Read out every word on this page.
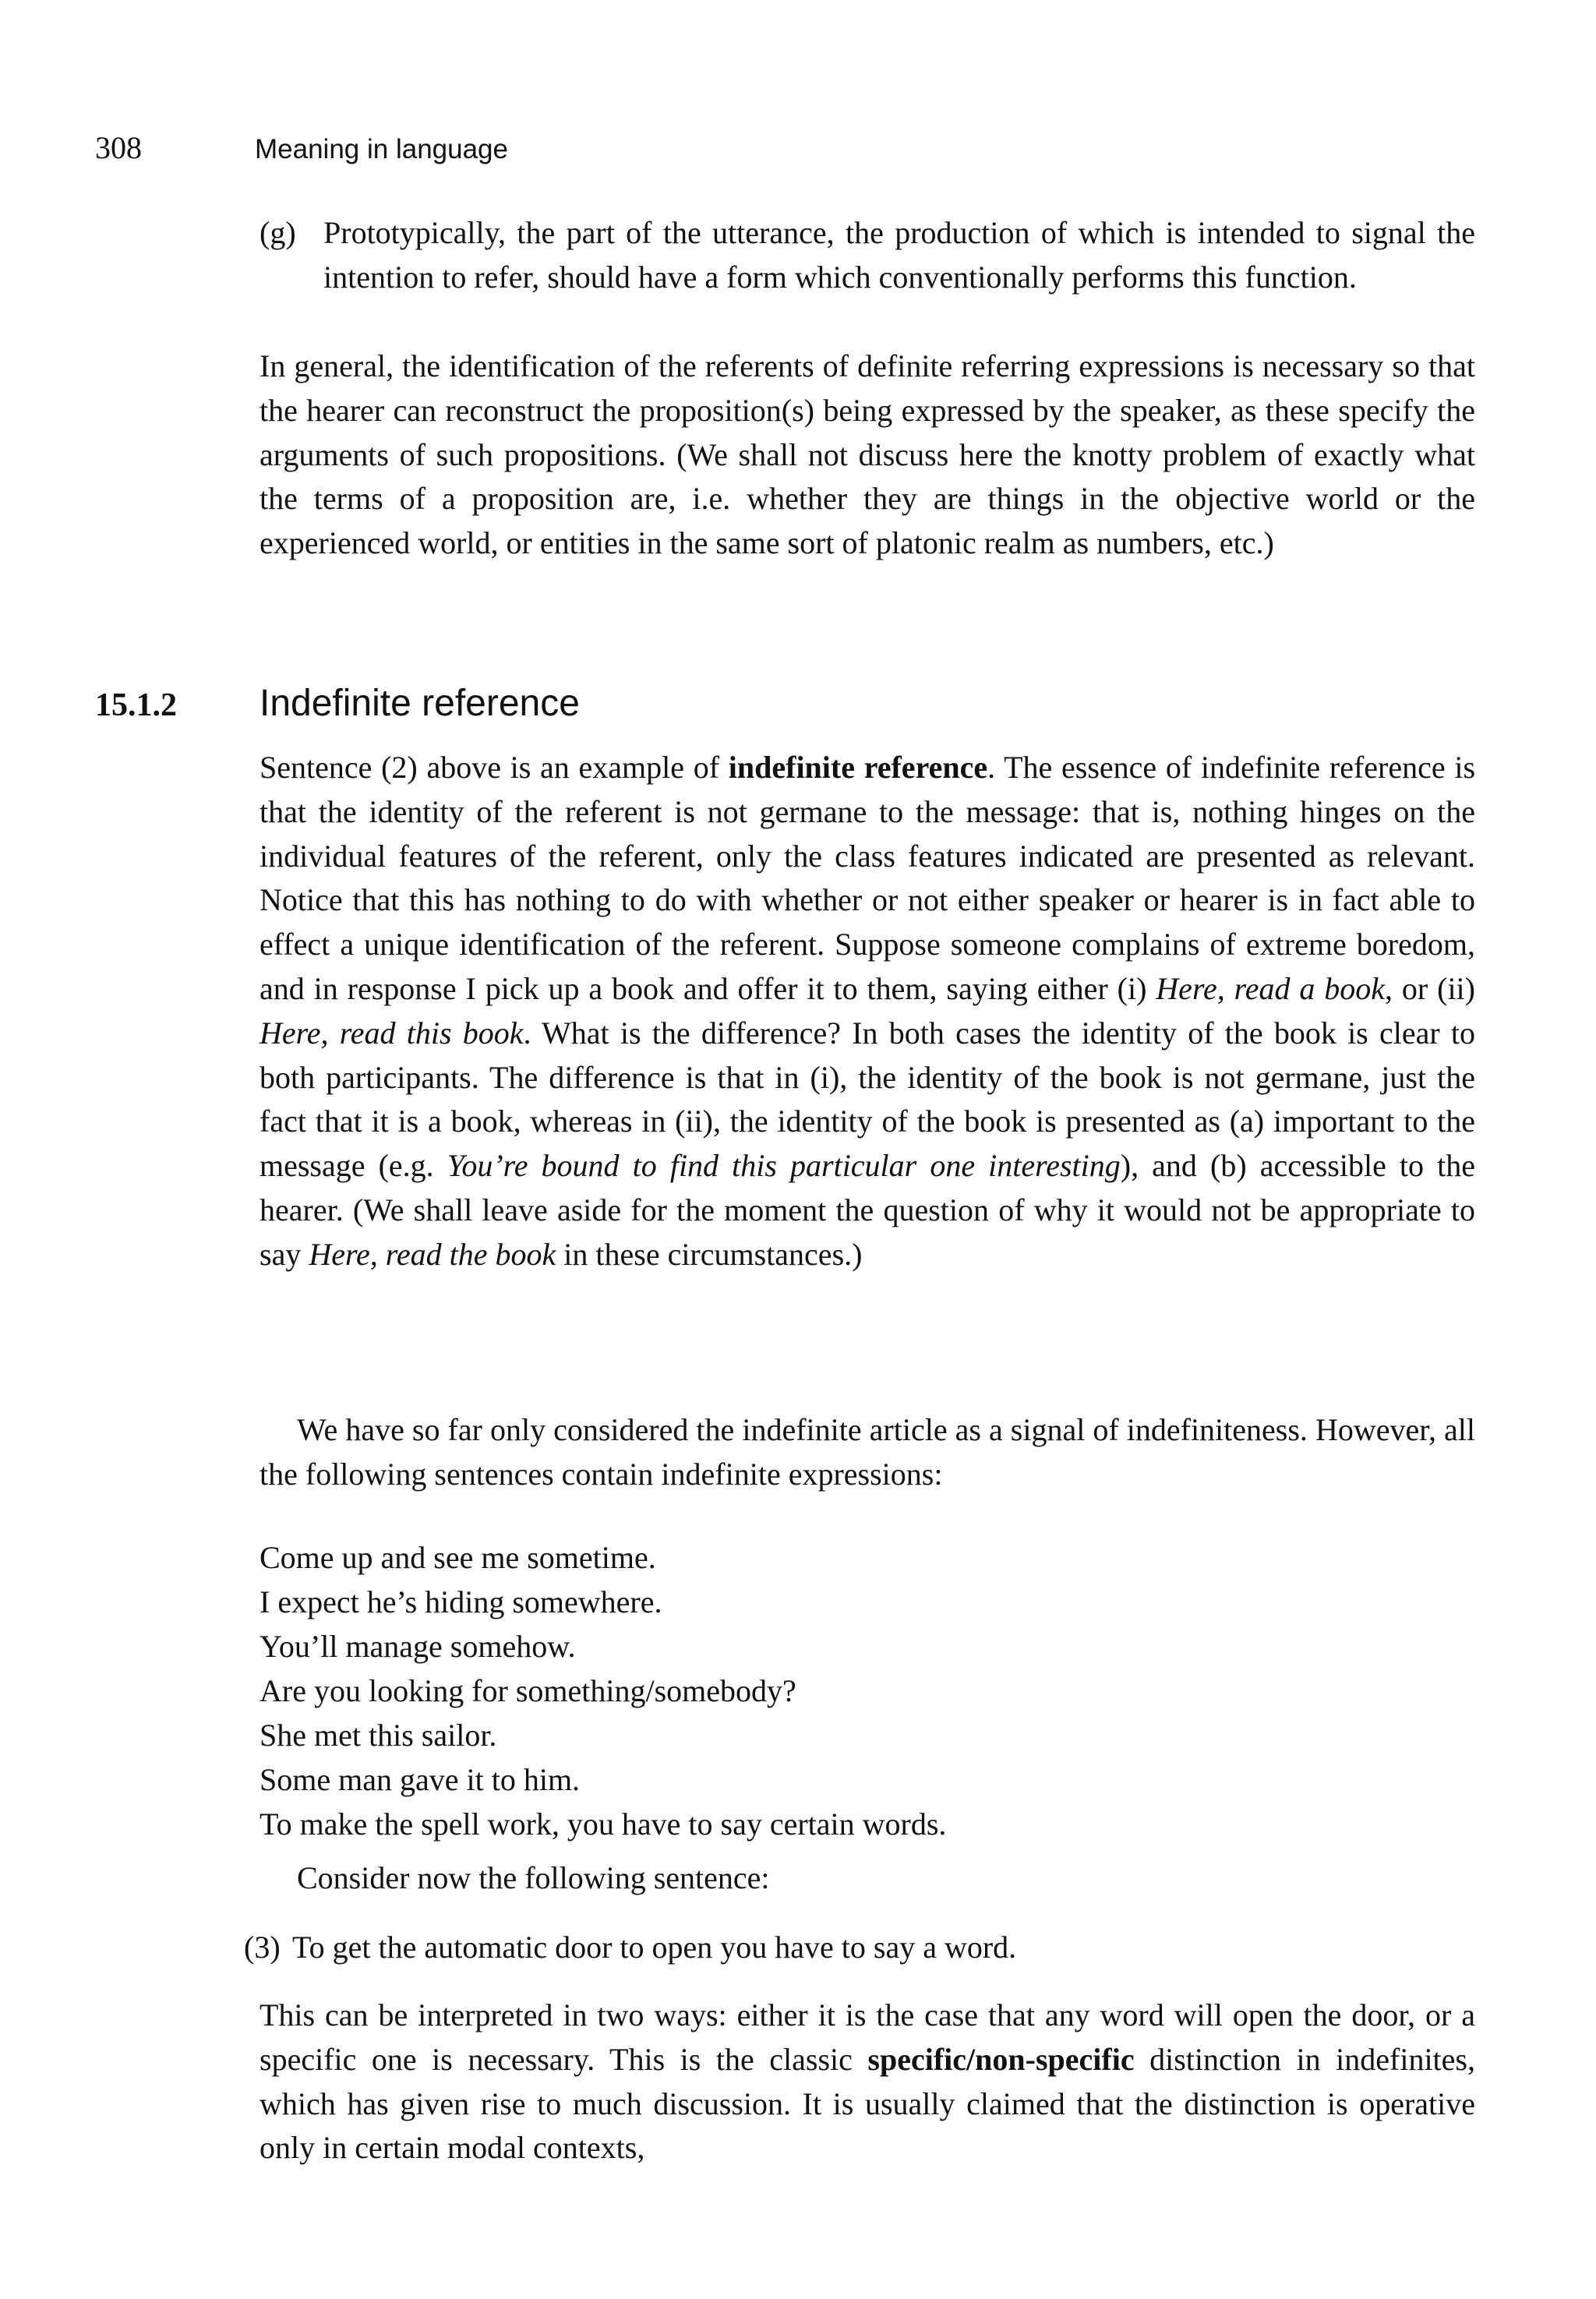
308	Meaning in language

(g) Prototypically, the part of the utterance, the production of which is intended to signal the intention to refer, should have a form which conventionally performs this function.

In general, the identification of the referents of definite referring expressions is necessary so that the hearer can reconstruct the proposition(s) being expressed by the speaker, as these specify the arguments of such propositions. (We shall not discuss here the knotty problem of exactly what the terms of a proposition are, i.e. whether they are things in the objective world or the experienced world, or entities in the same sort of platonic realm as numbers, etc.)

15.1.2	Indefinite reference

Sentence (2) above is an example of indefinite reference. The essence of indefinite reference is that the identity of the referent is not germane to the message: that is, nothing hinges on the individual features of the referent, only the class features indicated are presented as relevant. Notice that this has nothing to do with whether or not either speaker or hearer is in fact able to effect a unique identification of the referent. Suppose someone complains of extreme boredom, and in response I pick up a book and offer it to them, saying either (i) Here, read a book, or (ii) Here, read this book. What is the difference? In both cases the identity of the book is clear to both participants. The difference is that in (i), the identity of the book is not germane, just the fact that it is a book, whereas in (ii), the identity of the book is presented as (a) important to the message (e.g. You’re bound to find this particular one interesting), and (b) accessible to the hearer. (We shall leave aside for the moment the question of why it would not be appropriate to say Here, read the book in these circumstances.)

We have so far only considered the indefinite article as a signal of indefiniteness. However, all the following sentences contain indefinite expressions:

Come up and see me sometime.
I expect he’s hiding somewhere.
You’ll manage somehow.
Are you looking for something/somebody?
She met this sailor.
Some man gave it to him.
To make the spell work, you have to say certain words.

Consider now the following sentence:

(3) To get the automatic door to open you have to say a word.

This can be interpreted in two ways: either it is the case that any word will open the door, or a specific one is necessary. This is the classic specific/non-specific distinction in indefinites, which has given rise to much discussion. It is usually claimed that the distinction is operative only in certain modal contexts,
